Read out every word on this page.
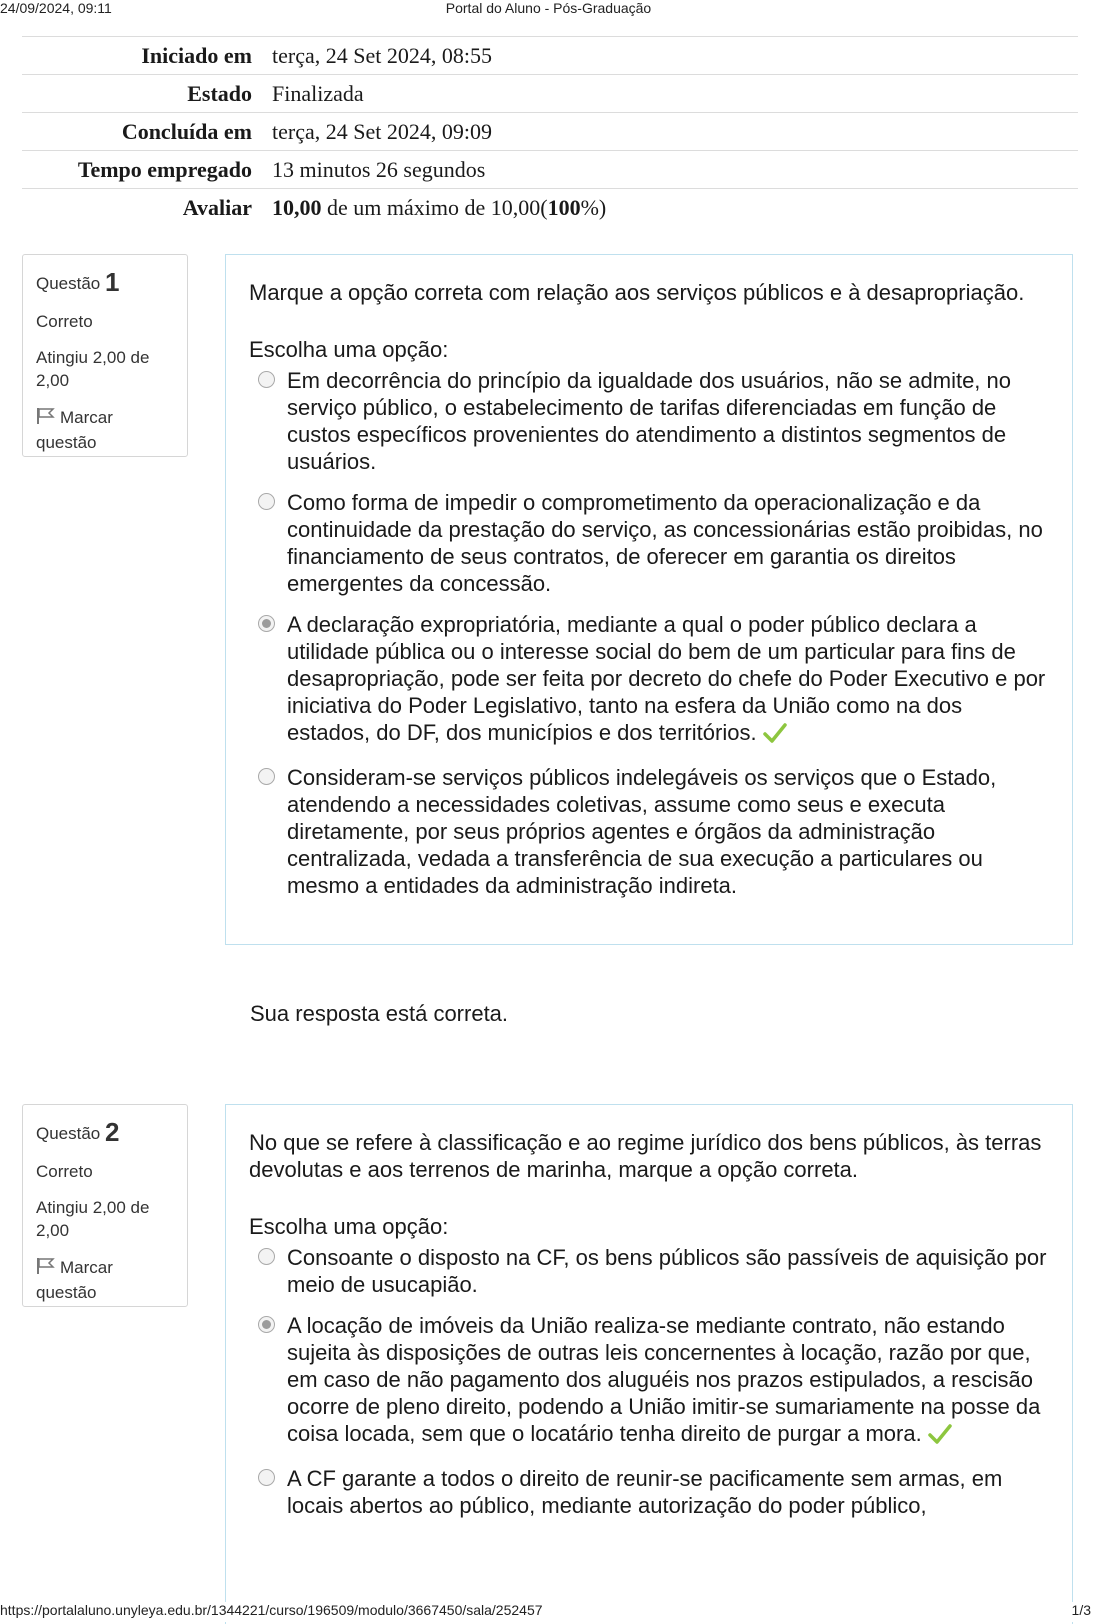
24/09/2024, 09:11	Portal do Aluno - Pós-Graduação
Iniciado em	terça, 24 Set 2024, 08:55
Estado	Finalizada
Concluída em	terça, 24 Set 2024, 09:09
Tempo empregado	13 minutos 26 segundos
Avaliar	10,00 de um máximo de 10,00(100%)
Questão 1
Correto
Atingiu 2,00 de 2,00
Marcar questão
Marque a opção correta com relação aos serviços públicos e à desapropriação.
Escolha uma opção:
Em decorrência do princípio da igualdade dos usuários, não se admite, no serviço público, o estabelecimento de tarifas diferenciadas em função de custos específicos provenientes do atendimento a distintos segmentos de usuários.
Como forma de impedir o comprometimento da operacionalização e da continuidade da prestação do serviço, as concessionárias estão proibidas, no financiamento de seus contratos, de oferecer em garantia os direitos emergentes da concessão.
A declaração expropriatória, mediante a qual o poder público declara a utilidade pública ou o interesse social do bem de um particular para fins de desapropriação, pode ser feita por decreto do chefe do Poder Executivo e por iniciativa do Poder Legislativo, tanto na esfera da União como na dos estados, do DF, dos municípios e dos territórios.
Consideram-se serviços públicos indelegáveis os serviços que o Estado, atendendo a necessidades coletivas, assume como seus e executa diretamente, por seus próprios agentes e órgãos da administração centralizada, vedada a transferência de sua execução a particulares ou mesmo a entidades da administração indireta.
Sua resposta está correta.
Questão 2
Correto
Atingiu 2,00 de 2,00
Marcar questão
No que se refere à classificação e ao regime jurídico dos bens públicos, às terras devolutas e aos terrenos de marinha, marque a opção correta.
Escolha uma opção:
Consoante o disposto na CF, os bens públicos são passíveis de aquisição por meio de usucapião.
A locação de imóveis da União realiza-se mediante contrato, não estando sujeita às disposições de outras leis concernentes à locação, razão por que, em caso de não pagamento dos aluguéis nos prazos estipulados, a rescisão ocorre de pleno direito, podendo a União imitir-se sumariamente na posse da coisa locada, sem que o locatário tenha direito de purgar a mora.
A CF garante a todos o direito de reunir-se pacificamente sem armas, em locais abertos ao público, mediante autorização do poder público,
https://portalaluno.unyleya.edu.br/1344221/curso/196509/modulo/3667450/sala/252457	1/3
